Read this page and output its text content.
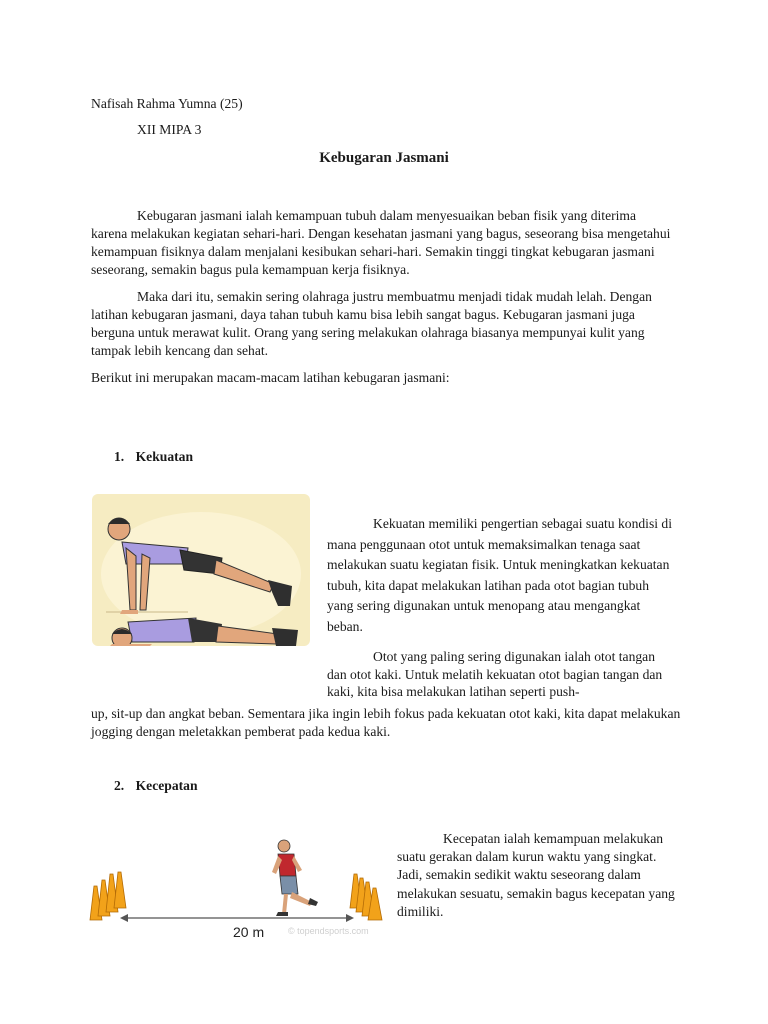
Nafisah Rahma Yumna (25)
XII MIPA 3
Kebugaran Jasmani

Kebugaran jasmani ialah kemampuan tubuh dalam menyesuaikan beban fisik yang diterima karena melakukan kegiatan sehari-hari. Dengan kesehatan jasmani yang bagus, seseorang bisa mengetahui kemampuan fisiknya dalam menjalani kesibukan sehari-hari. Semakin tinggi tingkat kebugaran jasmani seseorang, semakin bagus pula kemampuan kerja fisiknya.

Maka dari itu, semakin sering olahraga justru membuatmu menjadi tidak mudah lelah. Dengan latihan kebugaran jasmani, daya tahan tubuh kamu bisa lebih sangat bagus. Kebugaran jasmani juga berguna untuk merawat kulit. Orang yang sering melakukan olahraga biasanya mempunyai kulit yang tampak lebih kencang dan sehat.

Berikut ini merupakan macam-macam latihan kebugaran jasmani:

1. Kekuatan

Kekuatan memiliki pengertian sebagai suatu kondisi di mana penggunaan otot untuk memaksimalkan tenaga saat melakukan suatu kegiatan fisik. Untuk meningkatkan kekuatan tubuh, kita dapat melakukan latihan pada otot bagian tubuh yang sering digunakan untuk menopang atau mengangkat beban.

Otot yang paling sering digunakan ialah otot tangan dan otot kaki. Untuk melatih kekuatan otot bagian tangan dan kaki, kita bisa melakukan latihan seperti push-

up, sit-up dan angkat beban. Sementara jika ingin lebih fokus pada kekuatan otot kaki, kita dapat melakukan jogging dengan meletakkan pemberat pada kedua kaki.

2. Kecepatan
20 m	© topendsports.com

Kecepatan ialah kemampuan melakukan suatu gerakan dalam kurun waktu yang singkat. Jadi, semakin sedikit waktu seseorang dalam melakukan sesuatu, semakin bagus kecepatan yang dimiliki.
